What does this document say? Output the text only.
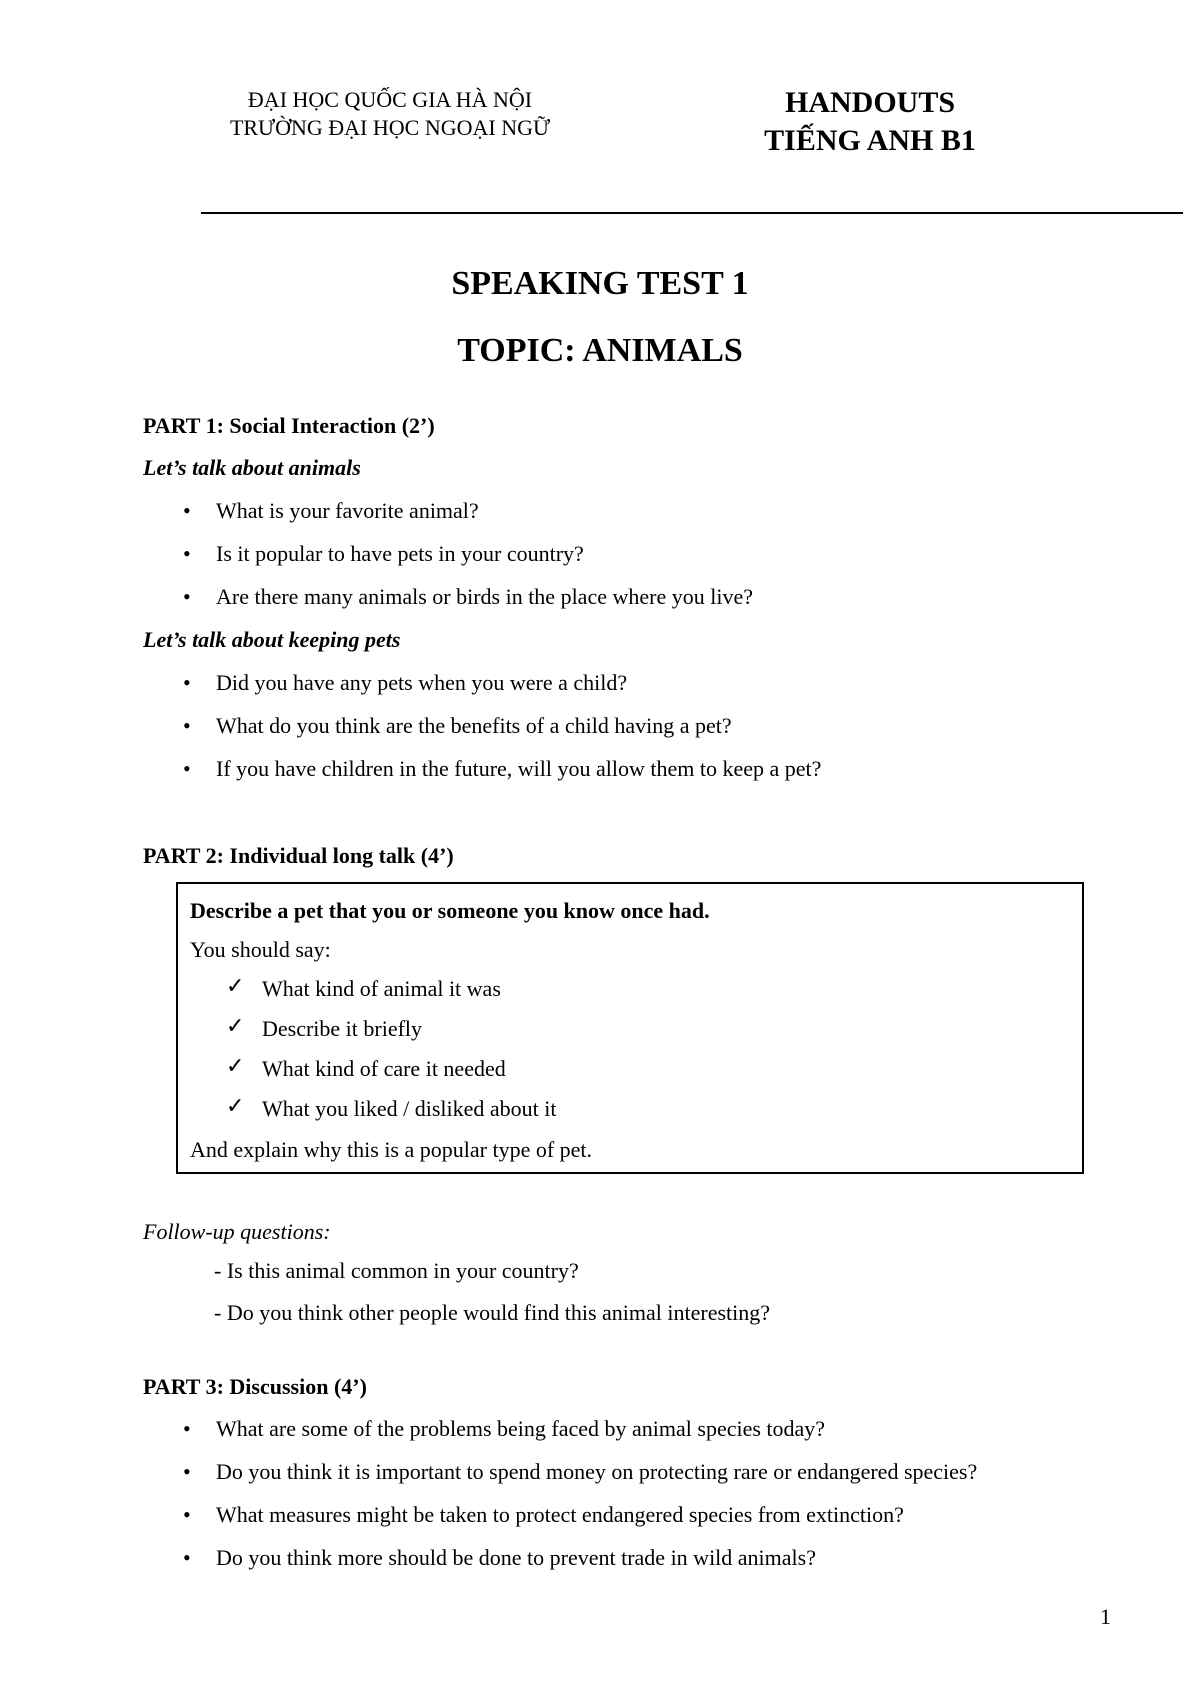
ĐẠI HỌC QUỐC GIA HÀ NỘI
TRƯỜNG ĐẠI HỌC NGOẠI NGỮ
HANDOUTS
TIẾNG ANH B1
SPEAKING TEST 1
TOPIC: ANIMALS
PART 1: Social Interaction (2’)
Let’s talk about animals
• What is your favorite animal?
• Is it popular to have pets in your country?
• Are there many animals or birds in the place where you live?
Let’s talk about keeping pets
• Did you have any pets when you were a child?
• What do you think are the benefits of a child having a pet?
• If you have children in the future, will you allow them to keep a pet?
PART 2: Individual long talk (4’)
Describe a pet that you or someone you know once had.
You should say:
✓ What kind of animal it was
✓ Describe it briefly
✓ What kind of care it needed
✓ What you liked / disliked about it
And explain why this is a popular type of pet.
Follow-up questions:
- Is this animal common in your country?
- Do you think other people would find this animal interesting?
PART 3: Discussion (4’)
• What are some of the problems being faced by animal species today?
• Do you think it is important to spend money on protecting rare or endangered species?
• What measures might be taken to protect endangered species from extinction?
• Do you think more should be done to prevent trade in wild animals?
1
